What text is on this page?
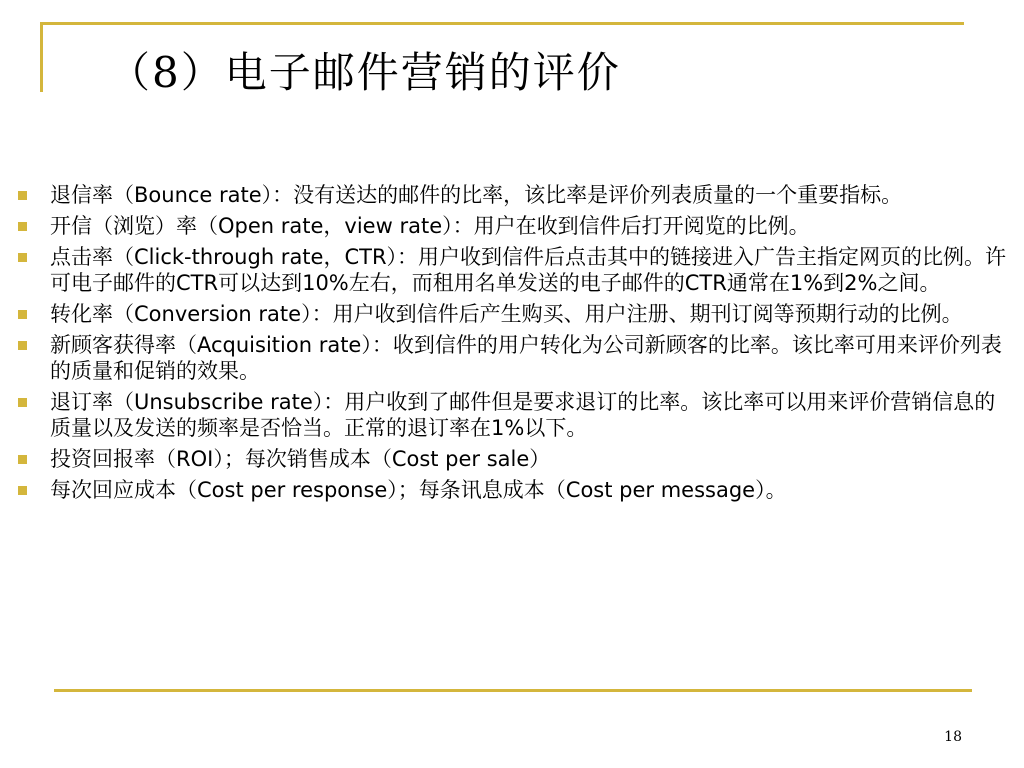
（8）电子邮件营销的评价
退信率（Bounce rate）：没有送达的邮件的比率，该比率是评价列表质量的一个重要指标。
开信（浏览）率（Open rate，view rate）：用户在收到信件后打开阅览的比例。
点击率（Click-through rate，CTR）：用户收到信件后点击其中的链接进入广告主指定网页的比例。许可电子邮件的CTR可以达到10%左右，而租用名单发送的电子邮件的CTR通常在1%到2%之间。
转化率（Conversion rate）：用户收到信件后产生购买、用户注册、期刊订阅等预期行动的比例。
新顾客获得率（Acquisition rate）：收到信件的用户转化为公司新顾客的比率。该比率可用来评价列表的质量和促销的效果。
退订率（Unsubscribe rate）：用户收到了邮件但是要求退订的比率。该比率可以用来评价营销信息的质量以及发送的频率是否恰当。正常的退订率在1%以下。
投资回报率（ROI）；每次销售成本（Cost per sale）
每次回应成本（Cost per response）；每条讯息成本（Cost per message）。
18
